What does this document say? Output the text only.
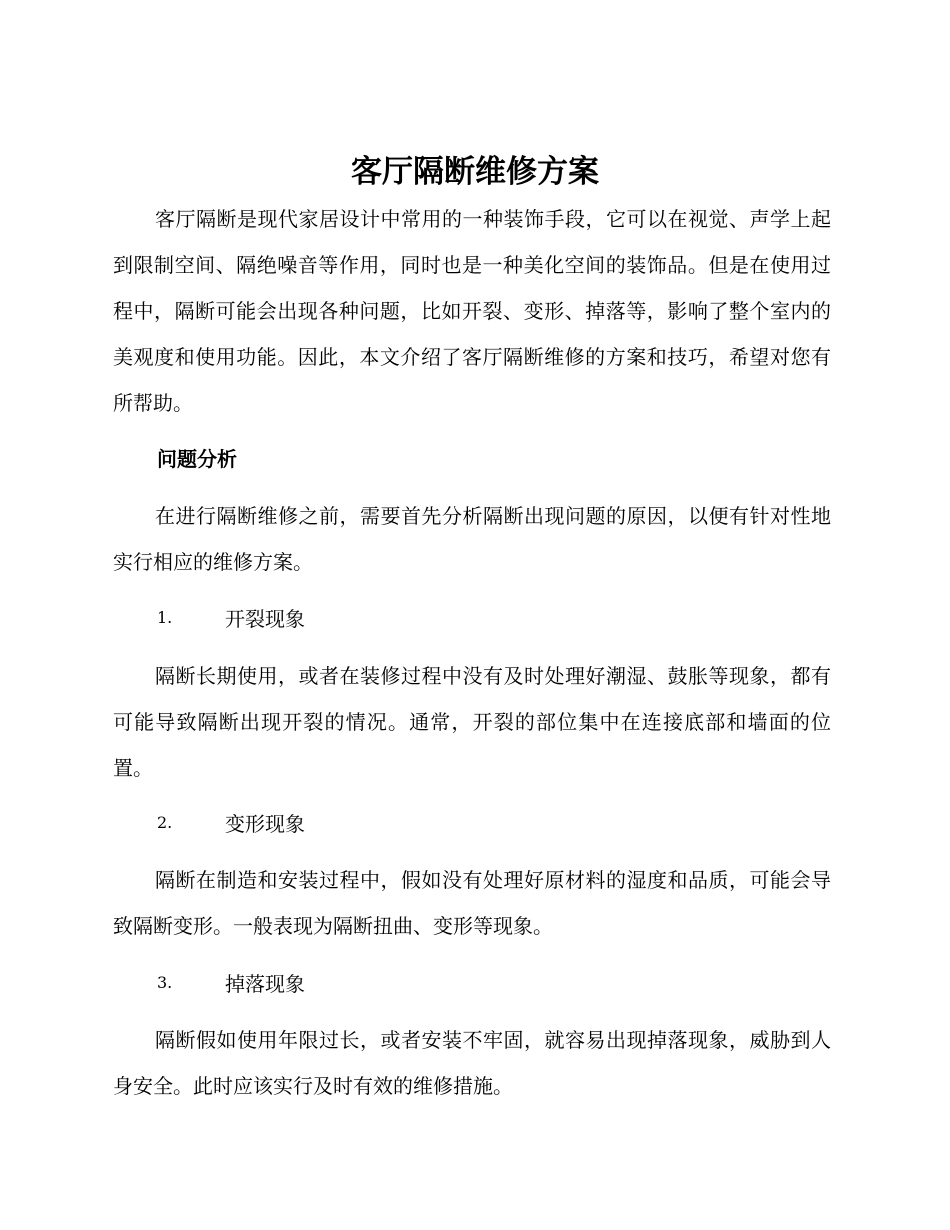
客厅隔断维修方案

客厅隔断是现代家居设计中常用的一种装饰手段，它可以在视觉、声学上起到限制空间、隔绝噪音等作用，同时也是一种美化空间的装饰品。但是在使用过程中，隔断可能会出现各种问题，比如开裂、变形、掉落等，影响了整个室内的美观度和使用功能。因此，本文介绍了客厅隔断维修的方案和技巧，希望对您有所帮助。

问题分析

在进行隔断维修之前，需要首先分析隔断出现问题的原因，以便有针对性地实行相应的维修方案。

1.	开裂现象

隔断长期使用，或者在装修过程中没有及时处理好潮湿、鼓胀等现象，都有可能导致隔断出现开裂的情况。通常，开裂的部位集中在连接底部和墙面的位置。

2.	变形现象

隔断在制造和安装过程中，假如没有处理好原材料的湿度和品质，可能会导致隔断变形。一般表现为隔断扭曲、变形等现象。

3.	掉落现象

隔断假如使用年限过长，或者安装不牢固，就容易出现掉落现象，威胁到人身安全。此时应该实行及时有效的维修措施。
